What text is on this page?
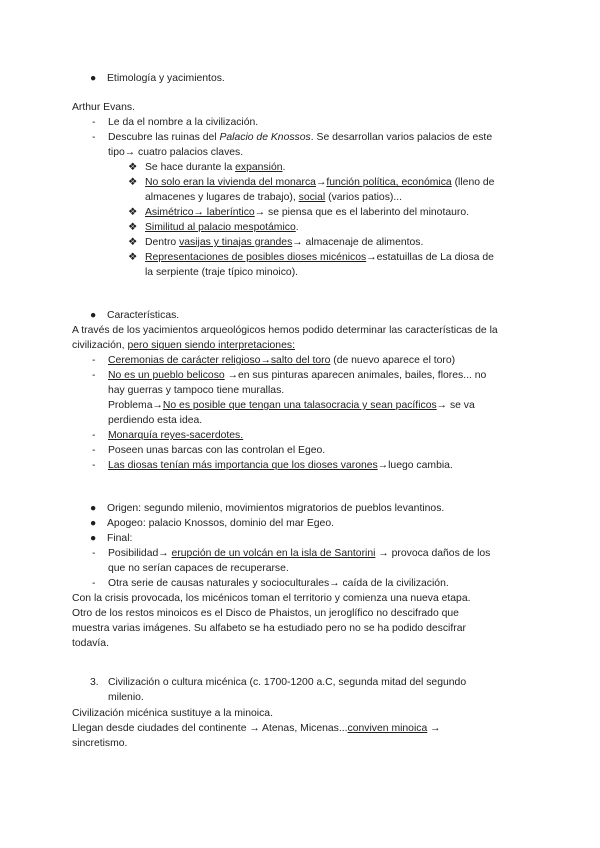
● Etimología y yacimientos.
Arthur Evans.
- Le da el nombre a la civilización.
- Descubre las ruinas del Palacio de Knossos. Se desarrollan varios palacios de este
tipo→ cuatro palacios claves.
❖ Se hace durante la expansión.
❖ No solo eran la vivienda del monarca→función política, económica (lleno de
almacenes y lugares de trabajo), social (varios patios)...
❖ Asimétrico→ laberíntico→ se piensa que es el laberinto del minotauro.
❖ Similitud al palacio mespotámico.
❖ Dentro vasijas y tinajas grandes→ almacenaje de alimentos.
❖ Representaciones de posibles dioses micénicos→estatuillas de La diosa de
la serpiente (traje típico minoico).
● Características.
A través de los yacimientos arqueológicos hemos podido determinar las características de la
civilización, pero siguen siendo interpretaciones:
- Ceremonias de carácter religioso→salto del toro (de nuevo aparece el toro)
- No es un pueblo belicoso →en sus pinturas aparecen animales, bailes, flores... no
hay guerras y tampoco tiene murallas.
Problema→No es posible que tengan una talasocracia y sean pacíficos→ se va
perdiendo esta idea.
- Monarquía reyes-sacerdotes.
- Poseen unas barcas con las controlan el Egeo.
- Las diosas tenían más importancia que los dioses varones→luego cambia.
● Origen: segundo milenio, movimientos migratorios de pueblos levantinos.
● Apogeo: palacio Knossos, dominio del mar Egeo.
● Final:
- Posibilidad→ erupción de un volcán en la isla de Santorini → provoca daños de los
que no serían capaces de recuperarse.
- Otra serie de causas naturales y socioculturales→ caída de la civilización.
Con la crisis provocada, los micénicos toman el territorio y comienza una nueva etapa.
Otro de los restos minoicos es el Disco de Phaistos, un jeroglífico no descifrado que
muestra varias imágenes. Su alfabeto se ha estudiado pero no se ha podido descifrar
todavía.
3. Civilización o cultura micénica (c. 1700-1200 a.C, segunda mitad del segundo
milenio.
Civilización micénica sustituye a la minoica.
Llegan desde ciudades del continente → Atenas, Micenas...conviven minoica →
sincretismo.
